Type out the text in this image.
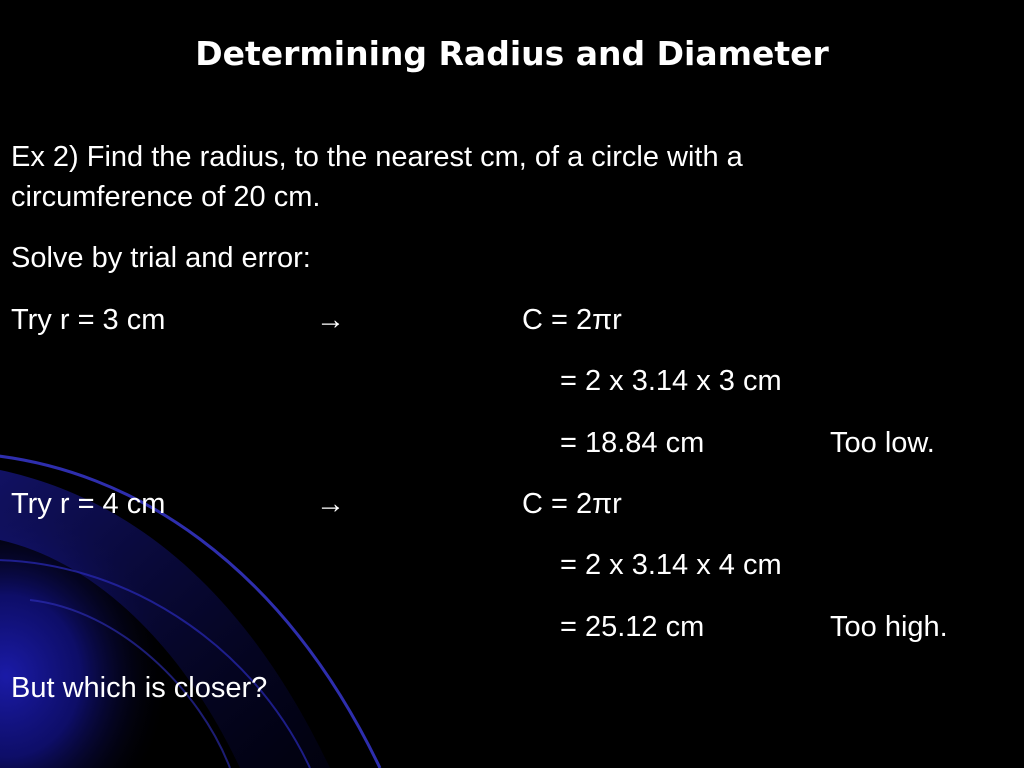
Determining Radius and Diameter
Ex 2) Find the radius, to the nearest cm, of a circle with a
circumference of 20 cm.
Solve by trial and error:
Try r = 3 cm	→	C = 2πr
= 2 x 3.14 x 3 cm
= 18.84 cm	Too low.
Try r = 4 cm	→	C = 2πr
= 2 x 3.14 x 4 cm
= 25.12 cm	Too high.
But which is closer?
